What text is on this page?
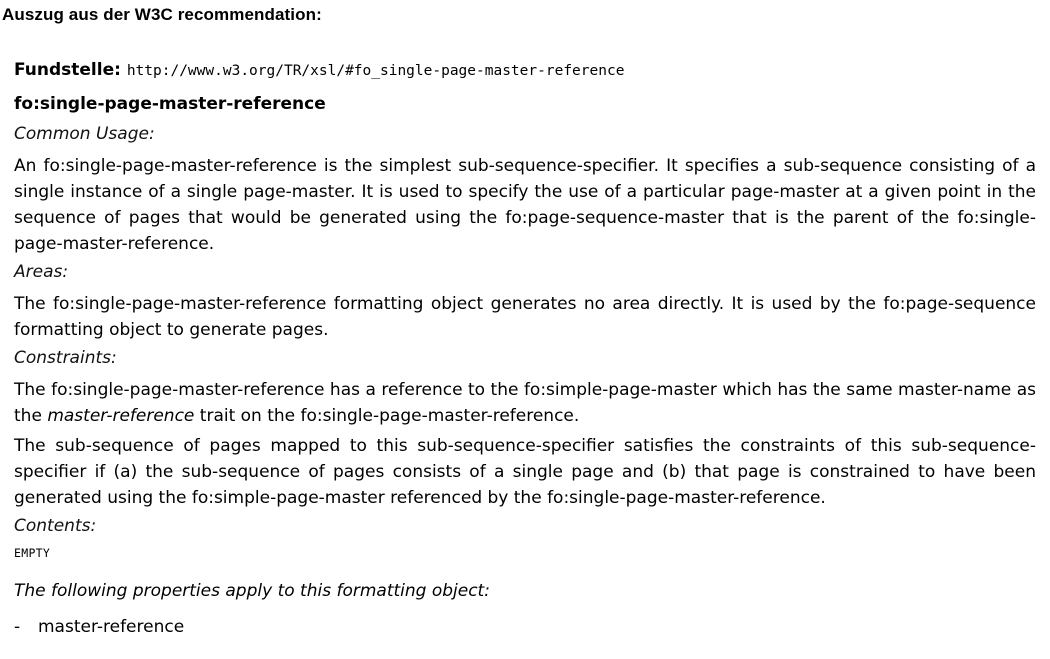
Auszug aus der W3C recommendation:
Fundstelle: http://www.w3.org/TR/xsl/#fo_single-page-master-reference
fo:single-page-master-reference
Common Usage:

An fo:single-page-master-reference is the simplest sub-sequence-specifier. It specifies a sub-sequence consisting of a single instance of a single page-master. It is used to specify the use of a particular page-master at a given point in the sequence of pages that would be generated using the fo:page-sequence-master that is the parent of the fo:single-page-master-reference.

Areas:

The fo:single-page-master-reference formatting object generates no area directly. It is used by the fo:page-sequence formatting object to generate pages.

Constraints:

The fo:single-page-master-reference has a reference to the fo:simple-page-master which has the same master-name as the master-reference trait on the fo:single-page-master-reference.

The sub-sequence of pages mapped to this sub-sequence-specifier satisfies the constraints of this sub-sequence-specifier if (a) the sub-sequence of pages consists of a single page and (b) that page is constrained to have been generated using the fo:simple-page-master referenced by the fo:single-page-master-reference.

Contents:
EMPTY
The following properties apply to this formatting object:
-	master-reference
